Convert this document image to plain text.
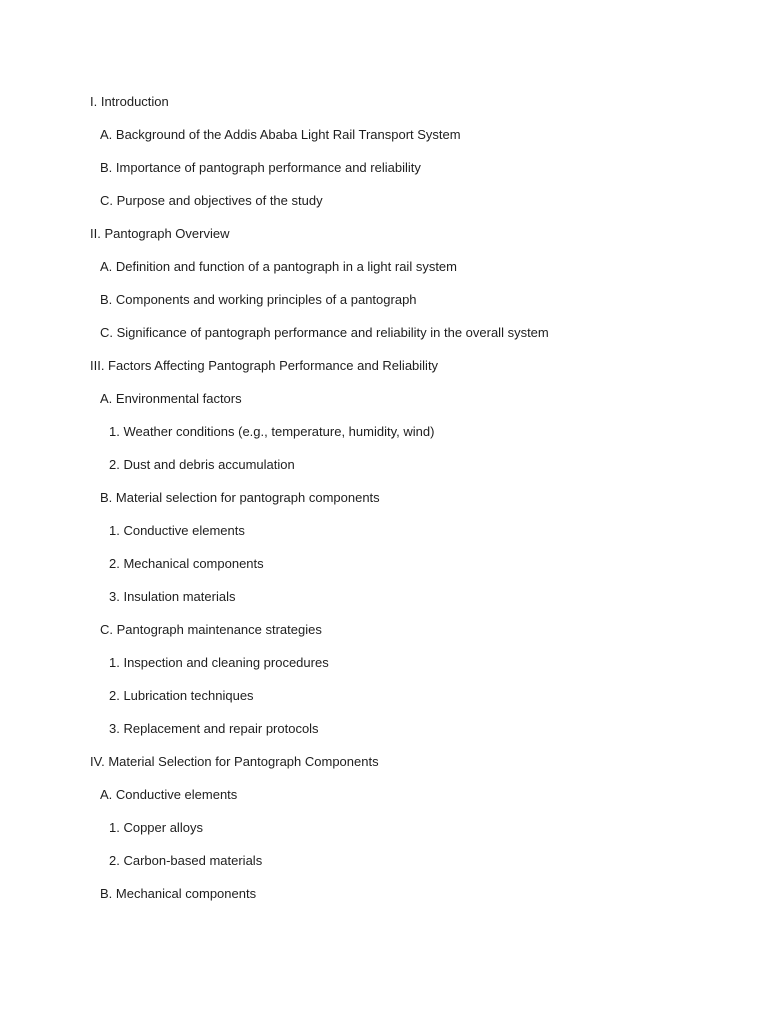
I. Introduction
A. Background of the Addis Ababa Light Rail Transport System
B. Importance of pantograph performance and reliability
C. Purpose and objectives of the study
II. Pantograph Overview
A. Definition and function of a pantograph in a light rail system
B. Components and working principles of a pantograph
C. Significance of pantograph performance and reliability in the overall system
III. Factors Affecting Pantograph Performance and Reliability
A. Environmental factors
1. Weather conditions (e.g., temperature, humidity, wind)
2. Dust and debris accumulation
B. Material selection for pantograph components
1. Conductive elements
2. Mechanical components
3. Insulation materials
C. Pantograph maintenance strategies
1. Inspection and cleaning procedures
2. Lubrication techniques
3. Replacement and repair protocols
IV. Material Selection for Pantograph Components
A. Conductive elements
1. Copper alloys
2. Carbon-based materials
B. Mechanical components
